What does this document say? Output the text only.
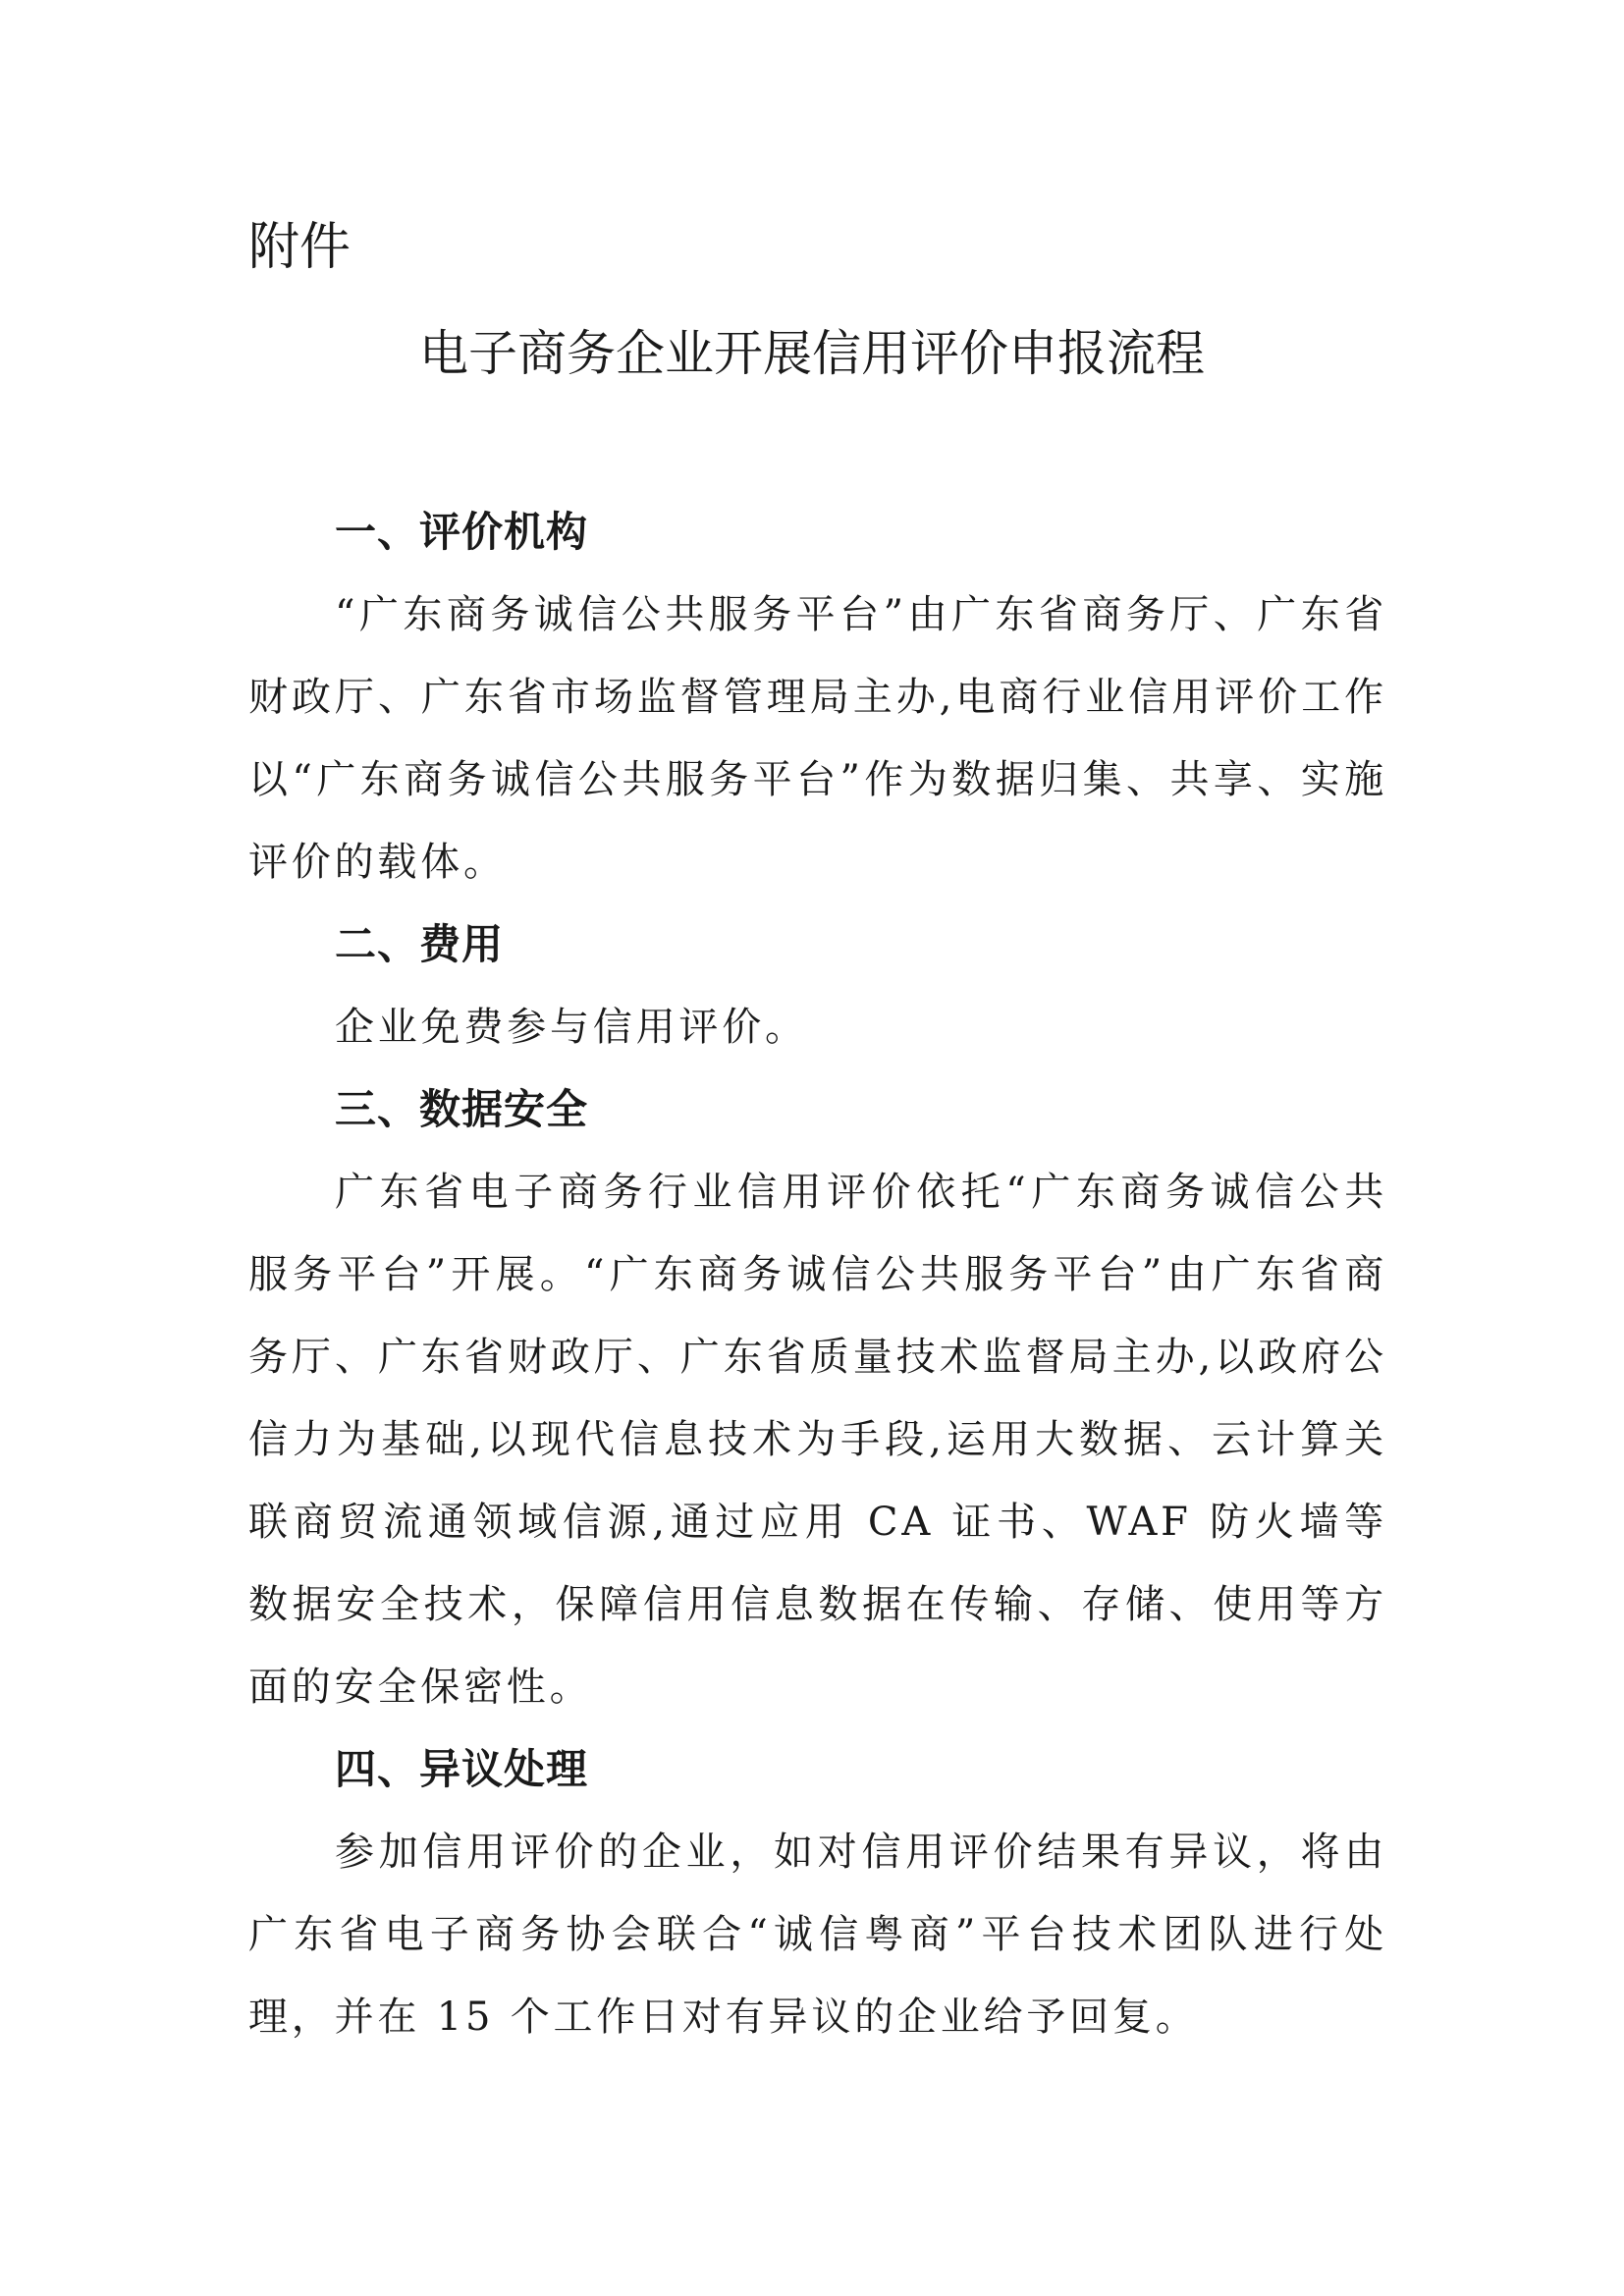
附件
电子商务企业开展信用评价申报流程
一、评价机构

“广东商务诚信公共服务平台”由广东省商务厅、广东省财政厅、广东省市场监督管理局主办,电商行业信用评价工作以“广东商务诚信公共服务平台”作为数据归集、共享、实施评价的载体。

二、费用

企业免费参与信用评价。

三、数据安全

广东省电子商务行业信用评价依托“广东商务诚信公共服务平台”开展。“广东商务诚信公共服务平台”由广东省商务厅、广东省财政厅、广东省质量技术监督局主办,以政府公信力为基础,以现代信息技术为手段,运用大数据、云计算关联商贸流通领域信源,通过应用 CA 证书、WAF 防火墙等数据安全技术，保障信用信息数据在传输、存储、使用等方面的安全保密性。

四、异议处理

参加信用评价的企业，如对信用评价结果有异议，将由广东省电子商务协会联合“诚信粤商”平台技术团队进行处理，并在 15 个工作日对有异议的企业给予回复。
